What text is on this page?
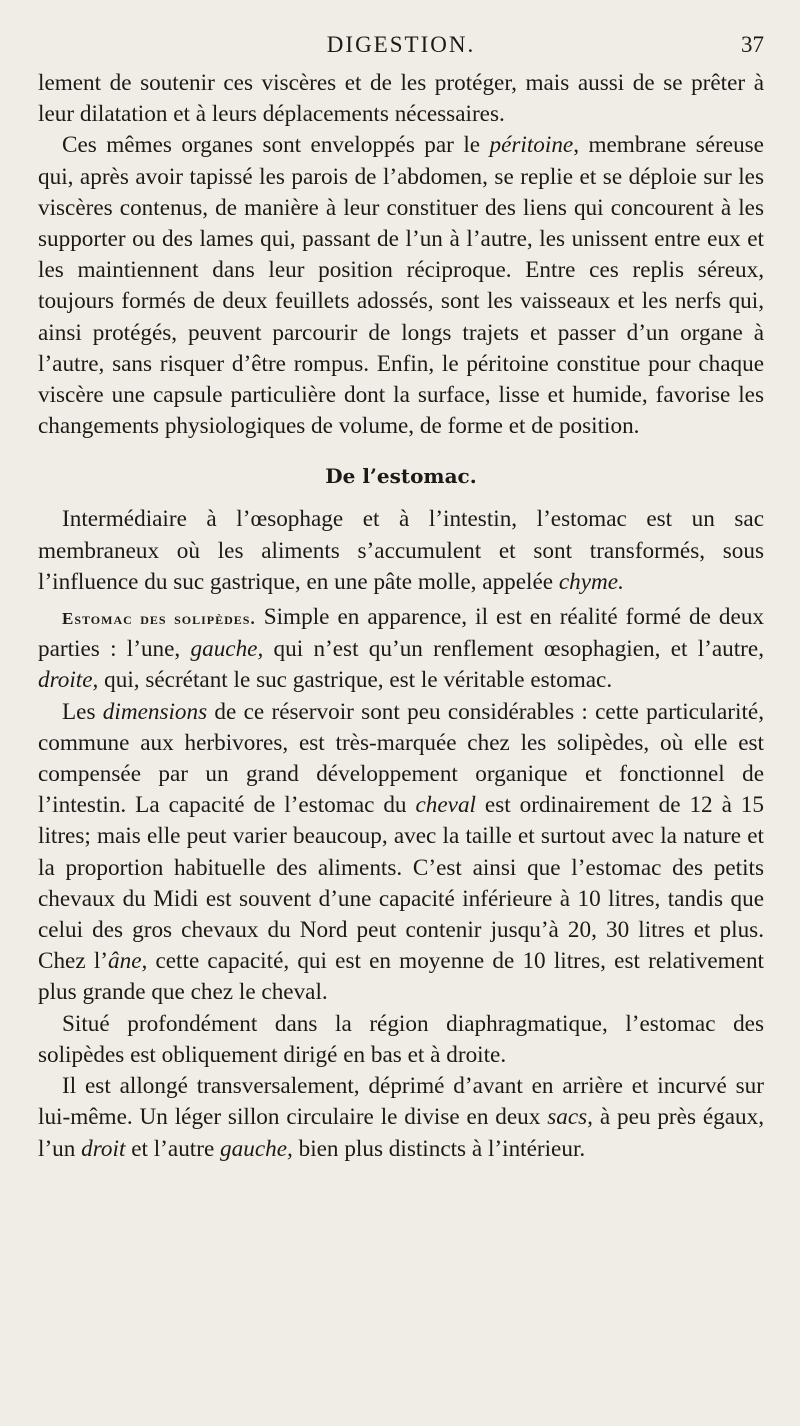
DIGESTION.	37

lement de soutenir ces viscères et de les protéger, mais aussi de se prêter à leur dilatation et à leurs déplacements nécessaires.

Ces mêmes organes sont enveloppés par le péritoine, membrane séreuse qui, après avoir tapissé les parois de l’abdomen, se replie et se déploie sur les viscères contenus, de manière à leur constituer des liens qui concourent à les supporter ou des lames qui, passant de l’un à l’autre, les unissent entre eux et les maintiennent dans leur position réciproque. Entre ces replis séreux, toujours formés de deux feuillets adossés, sont les vaisseaux et les nerfs qui, ainsi protégés, peuvent parcourir de longs trajets et passer d’un organe à l’autre, sans risquer d’être rompus. Enfin, le péritoine constitue pour chaque viscère une capsule particulière dont la surface, lisse et humide, favorise les changements physiologiques de volume, de forme et de position.

De l’estomac.

Intermédiaire à l’œsophage et à l’intestin, l’estomac est un sac membraneux où les aliments s’accumulent et sont transformés, sous l’influence du suc gastrique, en une pâte molle, appelée chyme.

Estomac des solipèdes. Simple en apparence, il est en réalité formé de deux parties : l’une, gauche, qui n’est qu’un renflement œsophagien, et l’autre, droite, qui, sécrétant le suc gastrique, est le véritable estomac.

Les dimensions de ce réservoir sont peu considérables : cette particularité, commune aux herbivores, est très-marquée chez les solipèdes, où elle est compensée par un grand développement organique et fonctionnel de l’intestin. La capacité de l’estomac du cheval est ordinairement de 12 à 15 litres; mais elle peut varier beaucoup, avec la taille et surtout avec la nature et la proportion habituelle des aliments. C’est ainsi que l’estomac des petits chevaux du Midi est souvent d’une capacité inférieure à 10 litres, tandis que celui des gros chevaux du Nord peut contenir jusqu’à 20, 30 litres et plus. Chez l’âne, cette capacité, qui est en moyenne de 10 litres, est relativement plus grande que chez le cheval.

Situé profondément dans la région diaphragmatique, l’estomac des solipèdes est obliquement dirigé en bas et à droite.

Il est allongé transversalement, déprimé d’avant en arrière et incurvé sur lui-même. Un léger sillon circulaire le divise en deux sacs, à peu près égaux, l’un droit et l’autre gauche, bien plus distincts à l’intérieur.
